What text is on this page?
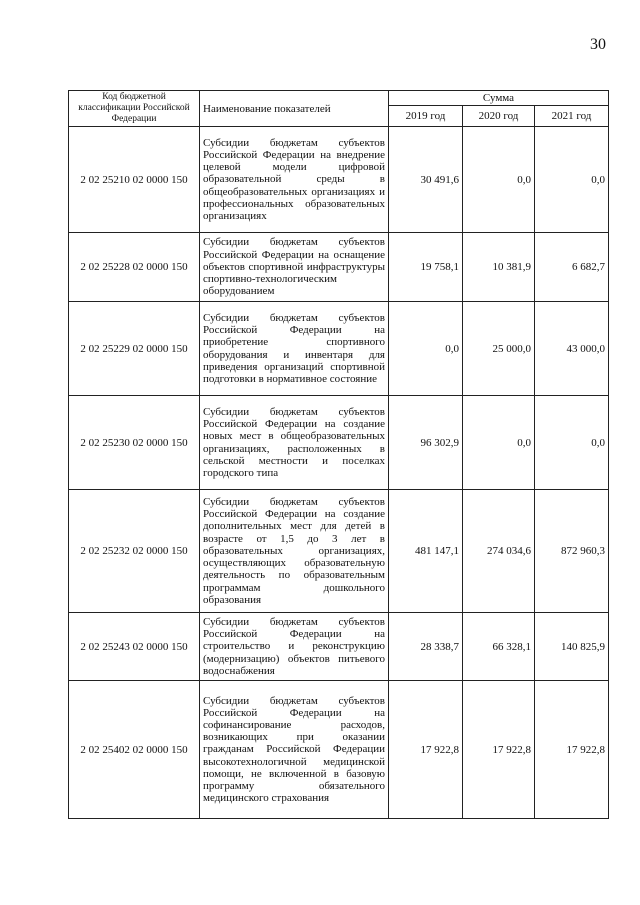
30
Код бюджетной классификации Российской Федерации	Наименование показателей	Сумма		
		2019 год	2020 год	2021 год
2 02 25210 02 0000 150	Субсидии бюджетам субъектов Российской Федерации на внедрение целевой модели цифровой образовательной среды в общеобразовательных организациях и профессиональных образовательных организациях	30 491,6	0,0	0,0
2 02 25228 02 0000 150	Субсидии бюджетам субъектов Российской Федерации на оснащение объектов спортивной инфраструктуры спортивно-технологическим оборудованием	19 758,1	10 381,9	6 682,7
2 02 25229 02 0000 150	Субсидии бюджетам субъектов Российской Федерации на приобретение спортивного оборудования и инвентаря для приведения организаций спортивной подготовки в нормативное состояние	0,0	25 000,0	43 000,0
2 02 25230 02 0000 150	Субсидии бюджетам субъектов Российской Федерации на создание новых мест в общеобразовательных организациях, расположенных в сельской местности и поселках городского типа	96 302,9	0,0	0,0
2 02 25232 02 0000 150	Субсидии бюджетам субъектов Российской Федерации на создание дополнительных мест для детей в возрасте от 1,5 до 3 лет в образовательных организациях, осуществляющих образовательную деятельность по образовательным программам дошкольного образования	481 147,1	274 034,6	872 960,3
2 02 25243 02 0000 150	Субсидии бюджетам субъектов Российской Федерации на строительство и реконструкцию (модернизацию) объектов питьевого водоснабжения	28 338,7	66 328,1	140 825,9
2 02 25402 02 0000 150	Субсидии бюджетам субъектов Российской Федерации на софинансирование расходов, возникающих при оказании гражданам Российской Федерации высокотехнологичной медицинской помощи, не включенной в базовую программу обязательного медицинского страхования	17 922,8	17 922,8	17 922,8
